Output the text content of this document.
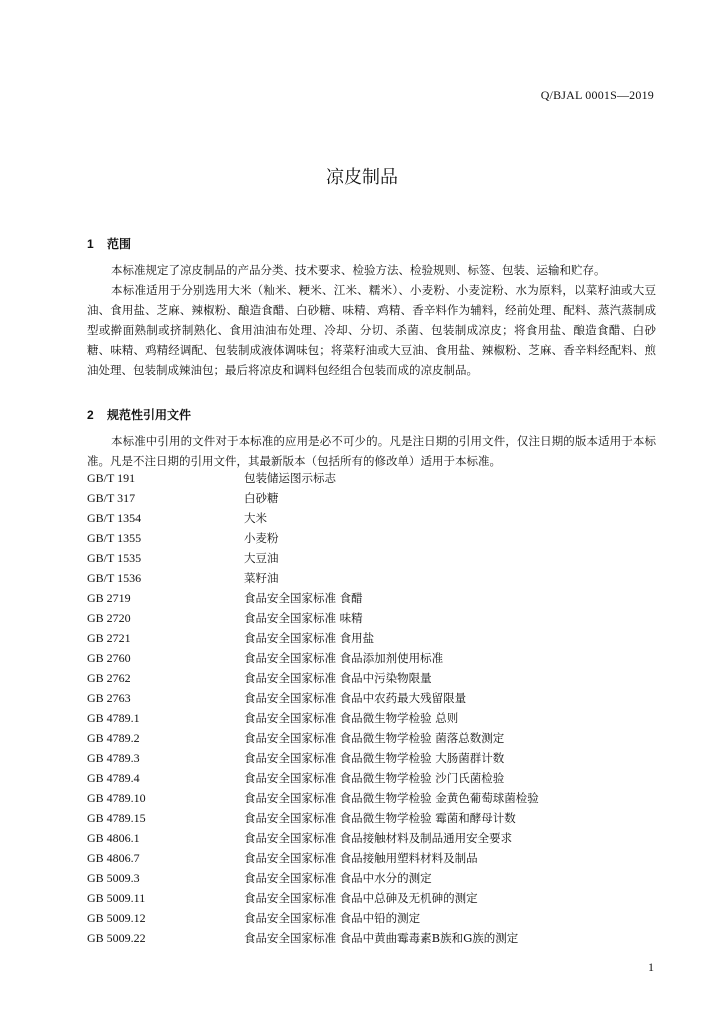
Q/BJAL 0001S—2019
凉皮制品
1 范围
本标准规定了凉皮制品的产品分类、技术要求、检验方法、检验规则、标签、包装、运输和贮存。
本标准适用于分别选用大米（籼米、粳米、江米、糯米）、小麦粉、小麦淀粉、水为原料，以菜籽油或大豆油、食用盐、芝麻、辣椒粉、酿造食醋、白砂糖、味精、鸡精、香辛料作为辅料，经前处理、配料、蒸汽蒸制成型或擀面熟制或挤制熟化、食用油油布处理、冷却、分切、杀菌、包装制成凉皮；将食用盐、酿造食醋、白砂糖、味精、鸡精经调配、包装制成液体调味包；将菜籽油或大豆油、食用盐、辣椒粉、芝麻、香辛料经配料、煎油处理、包装制成辣油包；最后将凉皮和调料包经组合包装而成的凉皮制品。
2 规范性引用文件
本标准中引用的文件对于本标准的应用是必不可少的。凡是注日期的引用文件，仅注日期的版本适用于本标准。凡是不注日期的引用文件，其最新版本（包括所有的修改单）适用于本标准。
GB/T 191	包装储运图示标志
GB/T 317	白砂糖
GB/T 1354	大米
GB/T 1355	小麦粉
GB/T 1535	大豆油
GB/T 1536	菜籽油
GB 2719	食品安全国家标准 食醋
GB 2720	食品安全国家标准 味精
GB 2721	食品安全国家标准 食用盐
GB 2760	食品安全国家标准 食品添加剂使用标准
GB 2762	食品安全国家标准 食品中污染物限量
GB 2763	食品安全国家标准 食品中农药最大残留限量
GB 4789.1	食品安全国家标准 食品微生物学检验 总则
GB 4789.2	食品安全国家标准 食品微生物学检验 菌落总数测定
GB 4789.3	食品安全国家标准 食品微生物学检验 大肠菌群计数
GB 4789.4	食品安全国家标准 食品微生物学检验 沙门氏菌检验
GB 4789.10	食品安全国家标准 食品微生物学检验 金黄色葡萄球菌检验
GB 4789.15	食品安全国家标准 食品微生物学检验 霉菌和酵母计数
GB 4806.1	食品安全国家标准 食品接触材料及制品通用安全要求
GB 4806.7	食品安全国家标准 食品接触用塑料材料及制品
GB 5009.3	食品安全国家标准 食品中水分的测定
GB 5009.11	食品安全国家标准 食品中总砷及无机砷的测定
GB 5009.12	食品安全国家标准 食品中铅的测定
GB 5009.22	食品安全国家标准 食品中黄曲霉毒素B族和G族的测定
1
